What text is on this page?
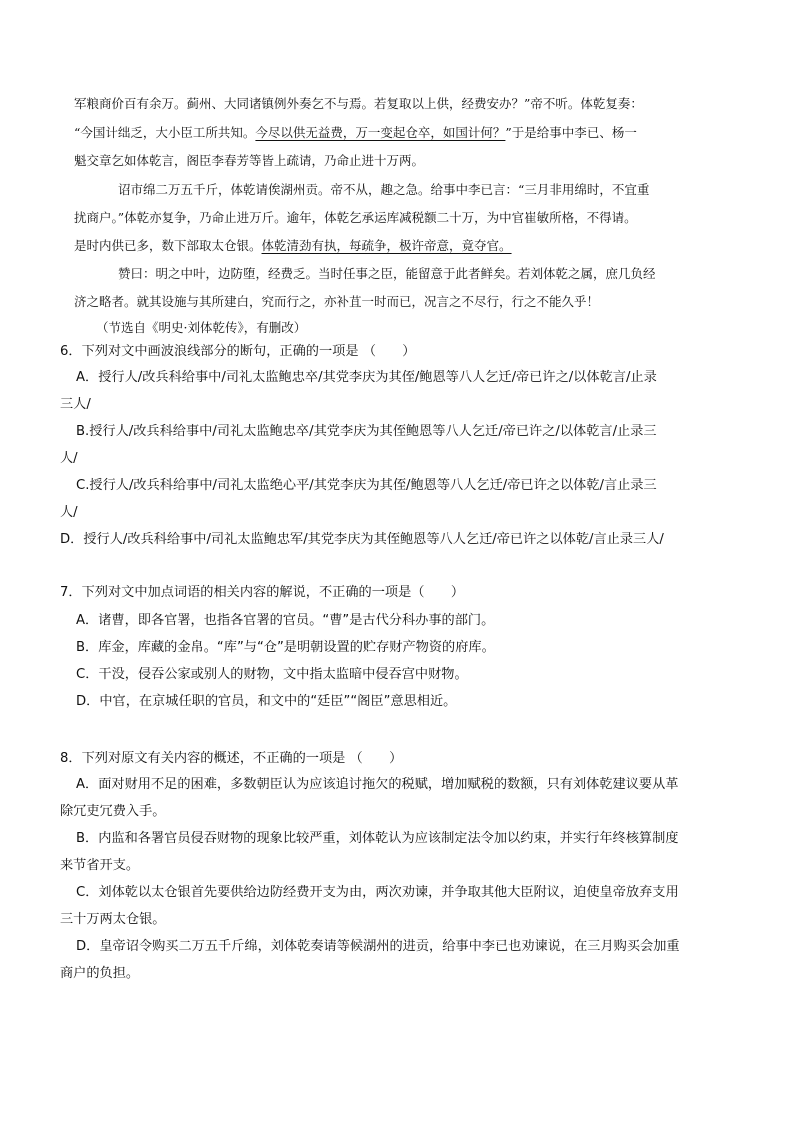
军粮商价百有余万。蓟州、大同诸镇例外奏乞不与焉。若复取以上供，经费安办？”帝不听。体乾复奏：
“今国计绌乏，大小臣工所共知。今尽以供无益费，万一变起仓卒，如国计何？”于是给事中李已、杨一
魁交章乞如体乾言，阁臣李春芳等皆上疏请，乃命止进十万两。
诏市绵二万五千斤，体乾请俟湖州贡。帝不从，趣之急。给事中李已言：“三月非用绵时，不宜重
扰商户。”体乾亦复争，乃命止进万斤。逾年，体乾乞承运库减税额二十万，为中官崔敏所格，不得请。
是时内供已多，数下部取太仓银。体乾清劲有执，每疏争，极许帝意，竟夺官。
赞曰：明之中叶，边防堕，经费乏。当时任事之臣，能留意于此者鲜矣。若刘体乾之属，庶几负经
济之略者。就其设施与其所建白，究而行之，亦补苴一时而已，况言之不尽行，行之不能久乎！
（节选自《明史·刘体乾传》，有删改）
6．下列对文中画波浪线部分的断句，正确的一项是 （　　）
A．授行人/改兵科给事中/司礼太监鲍忠卒/其党李庆为其侄/鲍恩等八人乞迁/帝已许之/以体乾言/止录
三人/
B.授行人/改兵科给事中/司礼太监鲍忠卒/其党李庆为其侄鲍恩等八人乞迁/帝已许之/以体乾言/止录三
人/
C.授行人/改兵科给事中/司礼太监绝心平/其党李庆为其侄/鲍恩等八人乞迁/帝已许之以体乾/言止录三
人/
D．授行人/改兵科给事中/司礼太监鲍忠军/其党李庆为其侄鲍恩等八人乞迁/帝已许之以体乾/言止录三人/
7．下列对文中加点词语的相关内容的解说，不正确的一项是（　　）
A．诸曹，即各官署，也指各官署的官员。“曹”是古代分科办事的部门。
B．库金，库藏的金帛。“库”与“仓”是明朝设置的贮存财产物资的府库。
C．干没，侵吞公家或别人的财物，文中指太监暗中侵吞宫中财物。
D．中官，在京城任职的官员，和文中的“廷臣”“阁臣”意思相近。
8．下列对原文有关内容的概述，不正确的一项是 （　　）
A．面对财用不足的困难，多数朝臣认为应该追讨拖欠的税赋，增加赋税的数额，只有刘体乾建议要从革
除冗吏冗费入手。
B．内监和各署官员侵吞财物的现象比较严重，刘体乾认为应该制定法令加以约束，并实行年终核算制度
来节省开支。
C．刘体乾以太仓银首先要供给边防经费开支为由，两次劝谏，并争取其他大臣附议，迫使皇帝放弃支用
三十万两太仓银。
D．皇帝诏令购买二万五千斤绵，刘体乾奏请等候湖州的进贡，给事中李已也劝谏说，在三月购买会加重
商户的负担。
